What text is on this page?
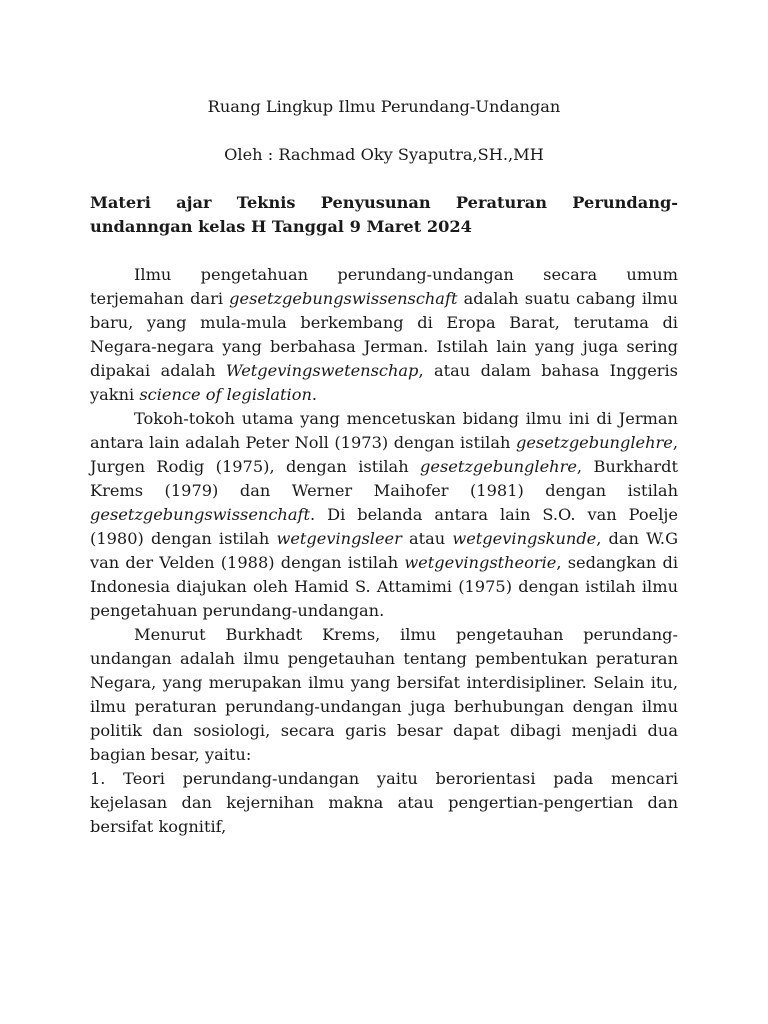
Ruang Lingkup Ilmu Perundang-Undangan

Oleh : Rachmad Oky Syaputra,SH.,MH

Materi ajar Teknis Penyusunan Peraturan Perundang-undanngan kelas H Tanggal 9 Maret 2024

Ilmu pengetahuan perundang-undangan secara umum terjemahan dari gesetzgebungswissenschaft adalah suatu cabang ilmu baru, yang mula-mula berkembang di Eropa Barat, terutama di Negara-negara yang berbahasa Jerman. Istilah lain yang juga sering dipakai adalah Wetgevingswetenschap, atau dalam bahasa Inggeris yakni science of legislation.

Tokoh-tokoh utama yang mencetuskan bidang ilmu ini di Jerman antara lain adalah Peter Noll (1973) dengan istilah gesetzgebunglehre, Jurgen Rodig (1975), dengan istilah gesetzgebunglehre, Burkhardt Krems (1979) dan Werner Maihofer (1981) dengan istilah gesetzgebungswissenchaft. Di belanda antara lain S.O. van Poelje (1980) dengan istilah wetgevingsleer atau wetgevingskunde, dan W.G van der Velden (1988) dengan istilah wetgevingstheorie, sedangkan di Indonesia diajukan oleh Hamid S. Attamimi (1975) dengan istilah ilmu pengetahuan perundang-undangan.

Menurut Burkhadt Krems, ilmu pengetauhan perundang-undangan adalah ilmu pengetauhan tentang pembentukan peraturan Negara, yang merupakan ilmu yang bersifat interdisipliner. Selain itu, ilmu peraturan perundang-undangan juga berhubungan dengan ilmu politik dan sosiologi, secara garis besar dapat dibagi menjadi dua bagian besar, yaitu:

1. Teori perundang-undangan yaitu berorientasi pada mencari kejelasan dan kejernihan makna atau pengertian-pengertian dan bersifat kognitif,
